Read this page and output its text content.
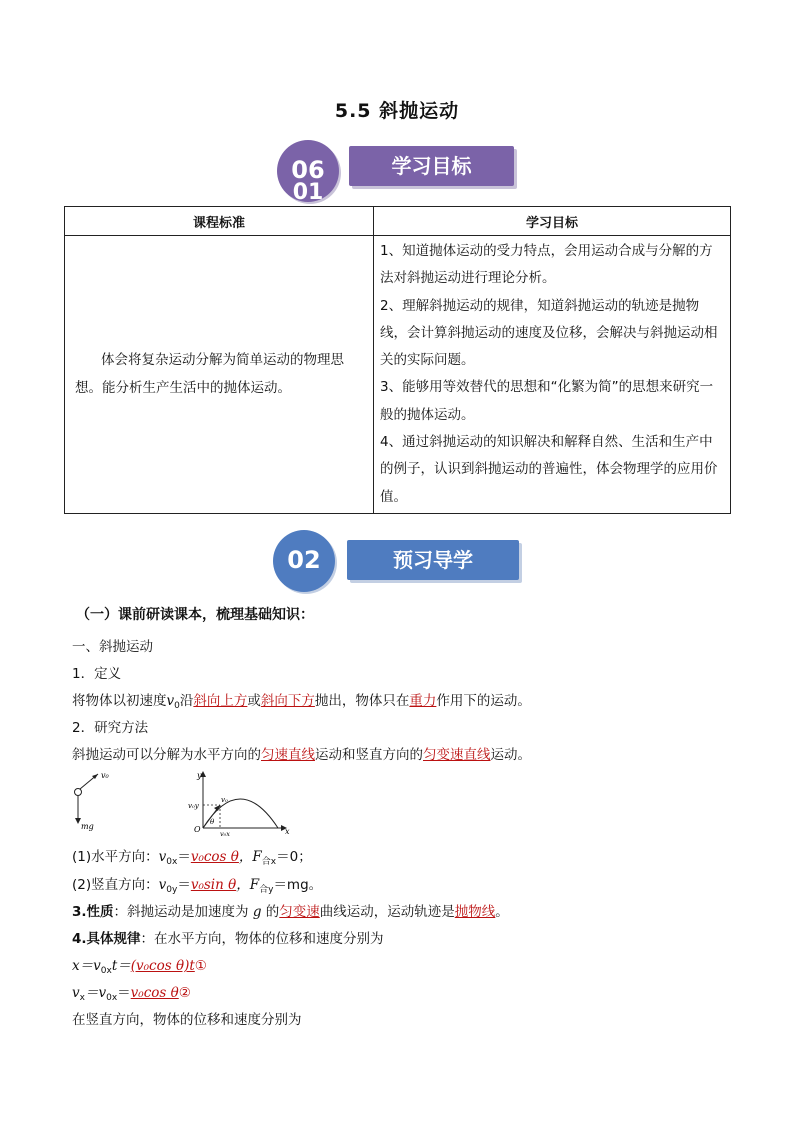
5.5 斜抛运动
学习目标
06
01
课程标准	学习目标
体会将复杂运动分解为简单运动的物理思想。能分析生产生活中的抛体运动。	1、知道抛体运动的受力特点，会用运动合成与分解的方法对斜抛运动进行理论分析。
2、理解斜抛运动的规律，知道斜抛运动的轨迹是抛物线，会计算斜抛运动的速度及位移，会解决与斜抛运动相关的实际问题。
3、能够用等效替代的思想和“化繁为简”的思想来研究一般的抛体运动。
4、通过斜抛运动的知识解决和解释自然、生活和生产中的例子，认识到斜抛运动的普遍性，体会物理学的应用价值。
预习导学
02
（一）课前研读课本，梳理基础知识：
一、斜抛运动
1．定义
将物体以初速度$v_0$沿斜向上方或斜向下方抛出，物体只在重力作用下的运动。
2．研究方法
斜抛运动可以分解为水平方向的匀速直线运动和竖直方向的匀变速直线运动。
v₀
mg
y
x
O
v₀y
v₀
v₀x
θ
(1)水平方向：$v_{0x}=v_0\cos$ θ，$F_{合x}=0$；
(2)竖直方向：$v_{0y}=v_0\sin$ θ，$F_{合y}=mg$。
3.性质：斜抛运动是加速度为 g 的匀变速曲线运动，运动轨迹是抛物线。
4.具体规律：在水平方向，物体的位移和速度分别为
$x=v_{0x}t=(v_0\cos$ θ)t①
$v_x=v_{0x}=v_0\cos$ θ②
在竖直方向，物体的位移和速度分别为
